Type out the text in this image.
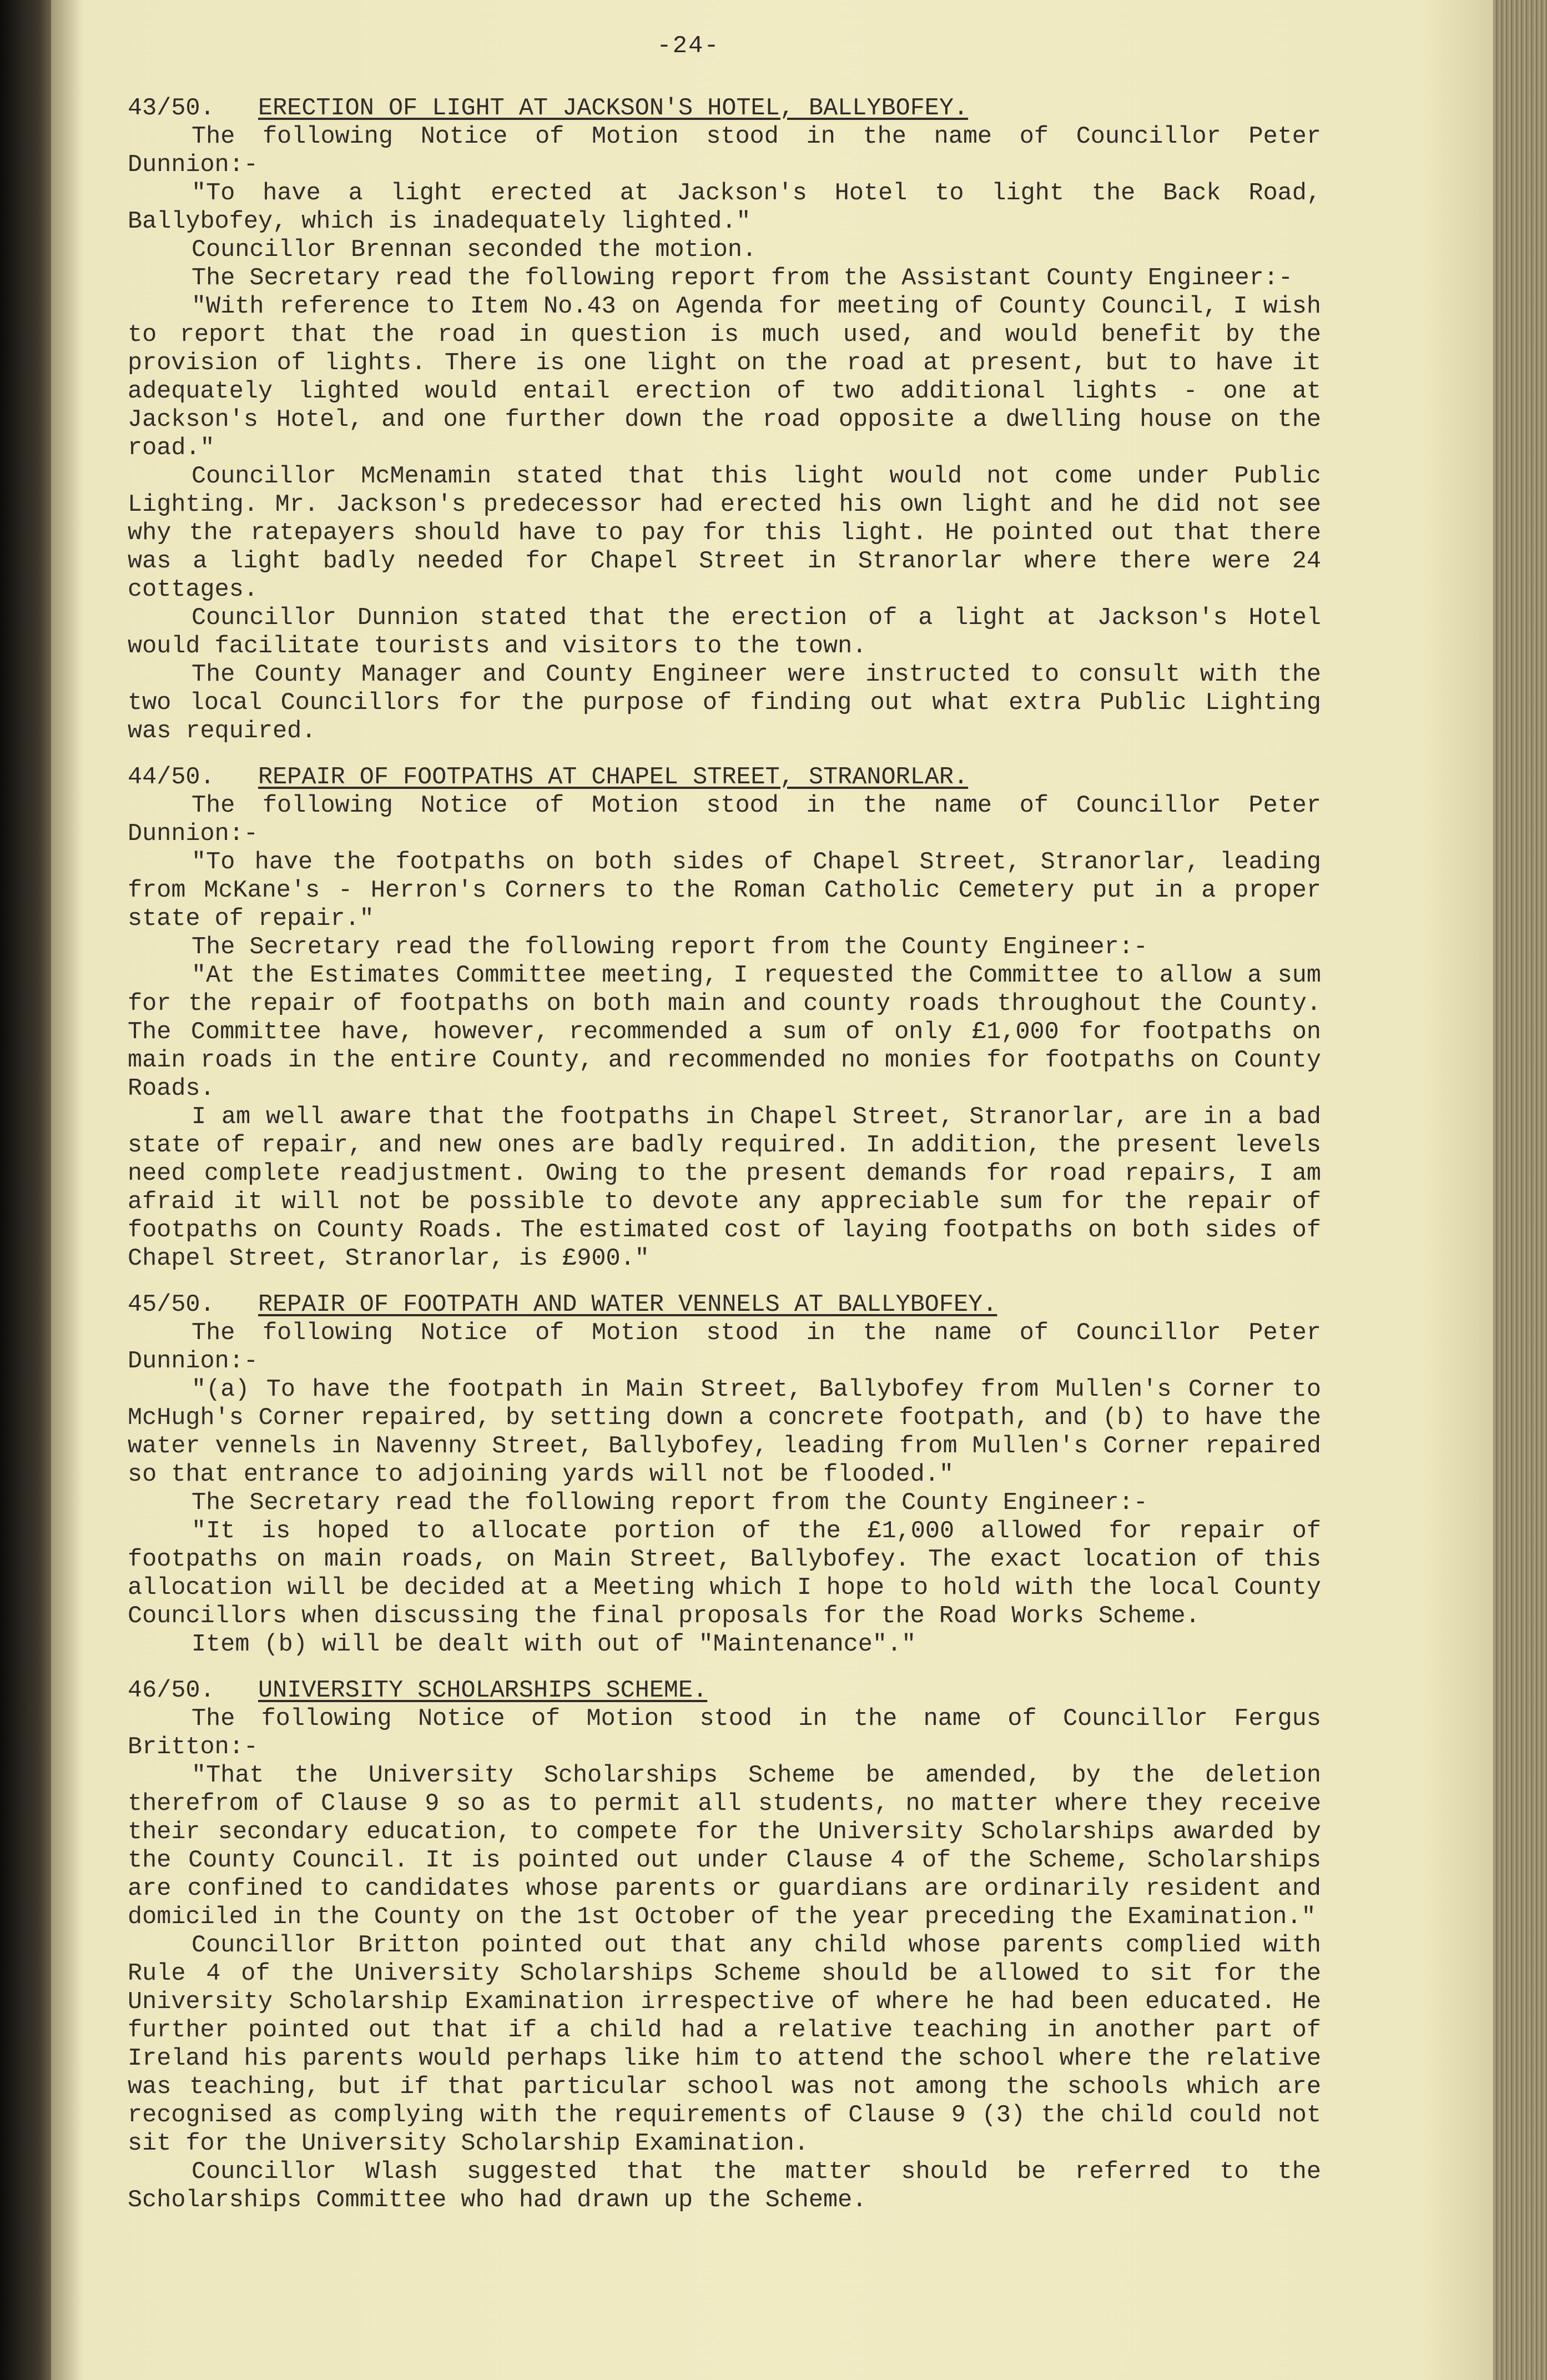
-24-
43/50. ERECTION OF LIGHT AT JACKSON'S HOTEL, BALLYBOFEY.

The following Notice of Motion stood in the name of Councillor Peter Dunnion:-

"To have a light erected at Jackson's Hotel to light the Back Road, Ballybofey, which is inadequately lighted."

Councillor Brennan seconded the motion.

The Secretary read the following report from the Assistant County Engineer:-

"With reference to Item No.43 on Agenda for meeting of County Council, I wish to report that the road in question is much used, and would benefit by the provision of lights. There is one light on the road at present, but to have it adequately lighted would entail erection of two additional lights - one at Jackson's Hotel, and one further down the road opposite a dwelling house on the road."

Councillor McMenamin stated that this light would not come under Public Lighting. Mr. Jackson's predecessor had erected his own light and he did not see why the ratepayers should have to pay for this light. He pointed out that there was a light badly needed for Chapel Street in Stranorlar where there were 24 cottages.

Councillor Dunnion stated that the erection of a light at Jackson's Hotel would facilitate tourists and visitors to the town.

The County Manager and County Engineer were instructed to consult with the two local Councillors for the purpose of finding out what extra Public Lighting was required.

44/50. REPAIR OF FOOTPATHS AT CHAPEL STREET, STRANORLAR.

The following Notice of Motion stood in the name of Councillor Peter Dunnion:-

"To have the footpaths on both sides of Chapel Street, Stranorlar, leading from McKane's - Herron's Corners to the Roman Catholic Cemetery put in a proper state of repair."

The Secretary read the following report from the County Engineer:-

"At the Estimates Committee meeting, I requested the Committee to allow a sum for the repair of footpaths on both main and county roads throughout the County. The Committee have, however, recommended a sum of only £1,000 for footpaths on main roads in the entire County, and recommended no monies for footpaths on County Roads.

I am well aware that the footpaths in Chapel Street, Stranorlar, are in a bad state of repair, and new ones are badly required. In addition, the present levels need complete readjustment. Owing to the present demands for road repairs, I am afraid it will not be possible to devote any appreciable sum for the repair of footpaths on County Roads. The estimated cost of laying footpaths on both sides of Chapel Street, Stranorlar, is £900."

45/50. REPAIR OF FOOTPATH AND WATER VENNELS AT BALLYBOFEY.

The following Notice of Motion stood in the name of Councillor Peter Dunnion:-

"(a) To have the footpath in Main Street, Ballybofey from Mullen's Corner to McHugh's Corner repaired, by setting down a concrete footpath, and (b) to have the water vennels in Navenny Street, Ballybofey, leading from Mullen's Corner repaired so that entrance to adjoining yards will not be flooded."

The Secretary read the following report from the County Engineer:-

"It is hoped to allocate portion of the £1,000 allowed for repair of footpaths on main roads, on Main Street, Ballybofey. The exact location of this allocation will be decided at a Meeting which I hope to hold with the local County Councillors when discussing the final proposals for the Road Works Scheme.

Item (b) will be dealt with out of "Maintenance"."

46/50. UNIVERSITY SCHOLARSHIPS SCHEME.

The following Notice of Motion stood in the name of Councillor Fergus Britton:-

"That the University Scholarships Scheme be amended, by the deletion therefrom of Clause 9 so as to permit all students, no matter where they receive their secondary education, to compete for the University Scholarships awarded by the County Council. It is pointed out under Clause 4 of the Scheme, Scholarships are confined to candidates whose parents or guardians are ordinarily resident and domiciled in the County on the 1st October of the year preceding the Examination."

Councillor Britton pointed out that any child whose parents complied with Rule 4 of the University Scholarships Scheme should be allowed to sit for the University Scholarship Examination irrespective of where he had been educated. He further pointed out that if a child had a relative teaching in another part of Ireland his parents would perhaps like him to attend the school where the relative was teaching, but if that particular school was not among the schools which are recognised as complying with the requirements of Clause 9 (3) the child could not sit for the University Scholarship Examination.

Councillor Wlash suggested that the matter should be referred to the Scholarships Committee who had drawn up the Scheme.
